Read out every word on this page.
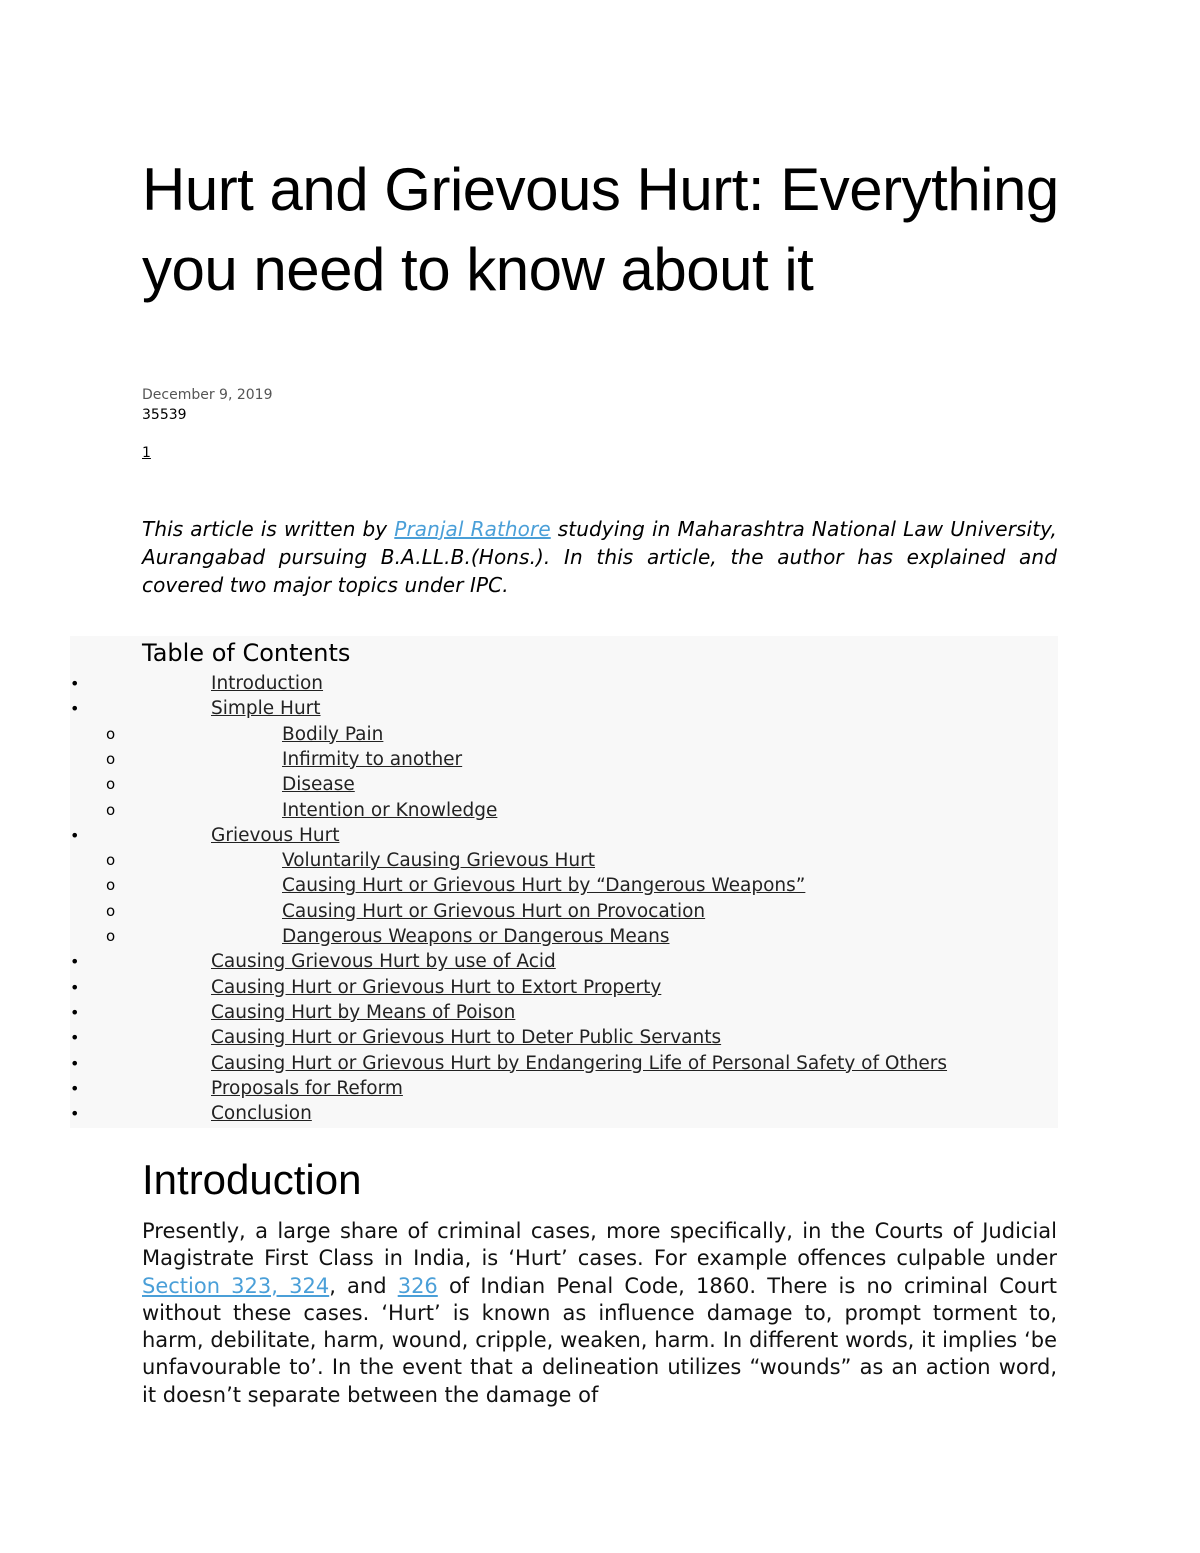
Hurt and Grievous Hurt: Everything you need to know about it
December 9, 2019
35539
1

This article is written by Pranjal Rathore studying in Maharashtra National Law University, Aurangabad pursuing B.A.LL.B.(Hons.). In this article, the author has explained and covered two major topics under IPC.

Table of Contents
•	Introduction
•	Simple Hurt
o	Bodily Pain
o	Infirmity to another
o	Disease
o	Intention or Knowledge
•	Grievous Hurt
o	Voluntarily Causing Grievous Hurt
o	Causing Hurt or Grievous Hurt by “Dangerous Weapons”
o	Causing Hurt or Grievous Hurt on Provocation
o	Dangerous Weapons or Dangerous Means
•	Causing Grievous Hurt by use of Acid
•	Causing Hurt or Grievous Hurt to Extort Property
•	Causing Hurt by Means of Poison
•	Causing Hurt or Grievous Hurt to Deter Public Servants
•	Causing Hurt or Grievous Hurt by Endangering Life of Personal Safety of Others
•	Proposals for Reform
•	Conclusion
Introduction

Presently, a large share of criminal cases, more specifically, in the Courts of Judicial Magistrate First Class in India, is ‘Hurt’ cases. For example offences culpable under Section 323, 324, and 326 of Indian Penal Code, 1860. There is no criminal Court without these cases. ‘Hurt’ is known as influence damage to, prompt torment to, harm, debilitate, harm, wound, cripple, weaken, harm. In different words, it implies ‘be unfavourable to’. In the event that a delineation utilizes “wounds” as an action word, it doesn’t separate between the damage of
